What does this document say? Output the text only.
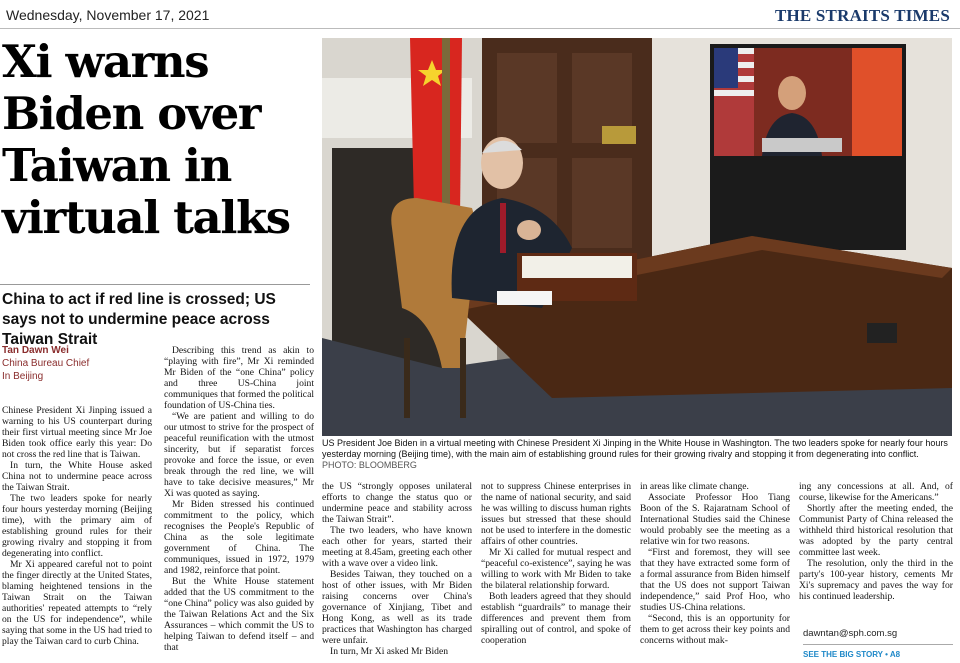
Wednesday, November 17, 2021	THE STRAITS TIMES
Xi warns Biden over Taiwan in virtual talks
China to act if red line is crossed; US says not to undermine peace across Taiwan Strait
Tan Dawn Wei
China Bureau Chief
In Beijing

Chinese President Xi Jinping issued a warning to his US counterpart during their first virtual meeting since Mr Joe Biden took office early this year: Do not cross the red line that is Taiwan.

In turn, the White House asked China not to undermine peace across the Taiwan Strait.

The two leaders spoke for nearly four hours yesterday morning (Beijing time), with the primary aim of establishing ground rules for their growing rivalry and stopping it from degenerating into conflict.

Mr Xi appeared careful not to point the finger directly at the United States, blaming heightened tensions in the Taiwan Strait on the Taiwan authorities' repeated attempts to “rely on the US for independence”, while saying that some in the US had tried to play the Taiwan card to curb China.

Describing this trend as akin to “playing with fire”, Mr Xi reminded Mr Biden of the “one China” policy and three US-China joint communiques that formed the political foundation of US-China ties.

“We are patient and willing to do our utmost to strive for the prospect of peaceful reunification with the utmost sincerity, but if separatist forces provoke and force the issue, or even break through the red line, we will have to take decisive measures,” Mr Xi was quoted as saying.

Mr Biden stressed his continued commitment to the policy, which recognises the People's Republic of China as the sole legitimate government of China. The communiques, issued in 1972, 1979 and 1982, reinforce that point.

But the White House statement added that the US commitment to the “one China” policy was also guided by the Taiwan Relations Act and the Six Assurances – which commit the US to helping Taiwan to defend itself – and that

US President Joe Biden in a virtual meeting with Chinese President Xi Jinping in the White House in Washington. The two leaders spoke for nearly four hours yesterday morning (Beijing time), with the main aim of establishing ground rules for their growing rivalry and stopping it from degenerating into conflict. PHOTO: BLOOMBERG

the US “strongly opposes unilateral efforts to change the status quo or undermine peace and stability across the Taiwan Strait”.

The two leaders, who have known each other for years, started their meeting at 8.45am, greeting each other with a wave over a video link.

Besides Taiwan, they touched on a host of other issues, with Mr Biden raising concerns over China's governance of Xinjiang, Tibet and Hong Kong, as well as its trade practices that Washington has charged were unfair.

In turn, Mr Xi asked Mr Biden

not to suppress Chinese enterprises in the name of national security, and said he was willing to discuss human rights issues but stressed that these should not be used to interfere in the domestic affairs of other countries.

Mr Xi called for mutual respect and “peaceful co-existence”, saying he was willing to work with Mr Biden to take the bilateral relationship forward.

Both leaders agreed that they should establish “guardrails” to manage their differences and prevent them from spiralling out of control, and spoke of cooperation

in areas like climate change.

Associate Professor Hoo Tiang Boon of the S. Rajaratnam School of International Studies said the Chinese would probably see the meeting as a relative win for two reasons.

“First and foremost, they will see that they have extracted some form of a formal assurance from Biden himself that the US does not support Taiwan independence,” said Prof Hoo, who studies US-China relations.

“Second, this is an opportunity for them to get across their key points and concerns without mak-

ing any concessions at all. And, of course, likewise for the Americans.”

Shortly after the meeting ended, the Communist Party of China released the withheld third historical resolution that was adopted by the party central committee last week.

The resolution, only the third in the party's 100-year history, cements Mr Xi's supremacy and paves the way for his continued leadership.

dawntan@sph.com.sg
SEE THE BIG STORY • A8
